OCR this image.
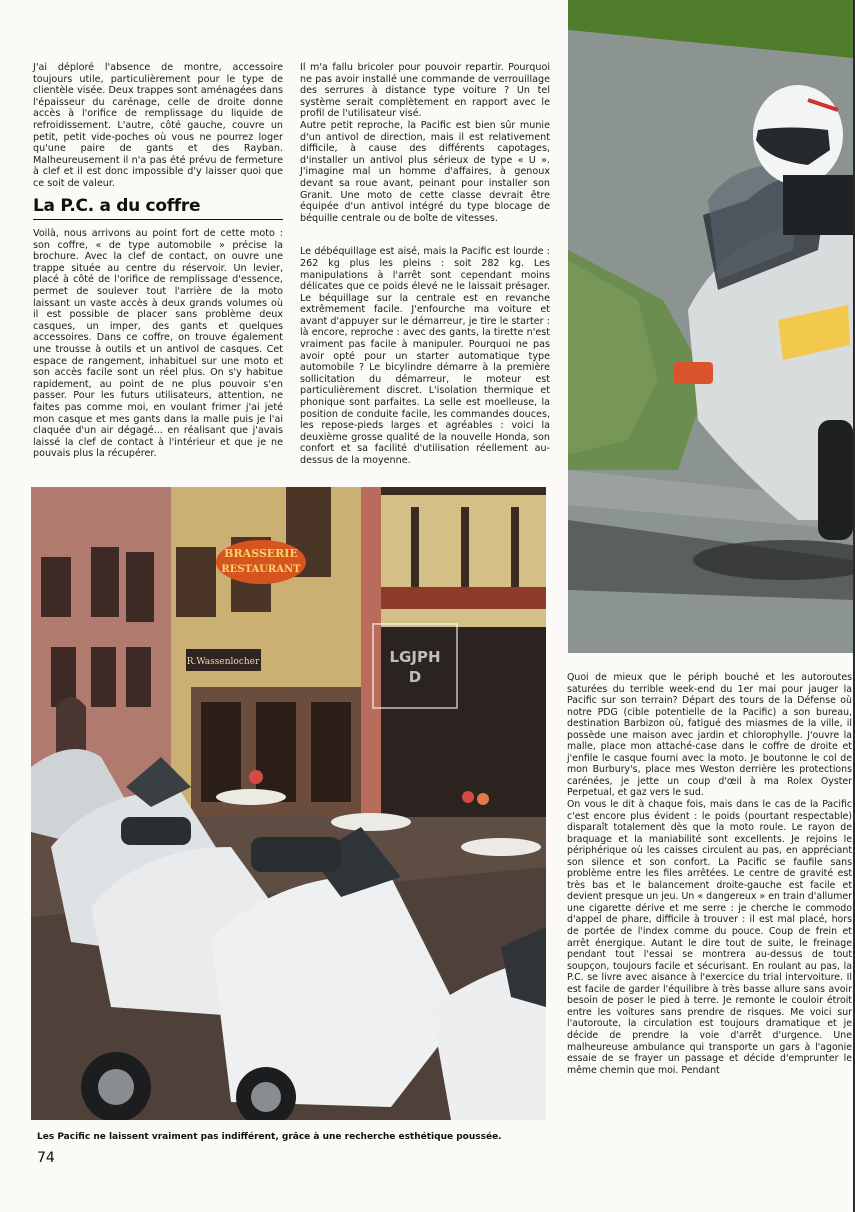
J'ai déploré l'absence de montre, accessoire toujours utile, particulièrement pour le type de clientèle visée. Deux trappes sont aménagées dans l'épaisseur du carénage, celle de droite donne accès à l'orifice de remplissage du liquide de refroidissement. L'autre, côté gauche, couvre un petit, petit vide-poches où vous ne pourrez loger qu'une paire de gants et des Rayban. Malheureusement il n'a pas été prévu de fermeture à clef et il est donc impossible d'y laisser quoi que ce soit de valeur.

La P.C. a du coffre

Voilà, nous arrivons au point fort de cette moto : son coffre, « de type automobile » précise la brochure. Avec la clef de contact, on ouvre une trappe située au centre du réservoir. Un levier, placé à côté de l'orifice de remplissage d'essence, permet de soulever tout l'arrière de la moto laissant un vaste accès à deux grands volumes où il est possible de placer sans problème deux casques, un imper, des gants et quelques accessoires. Dans ce coffre, on trouve également une trousse à outils et un antivol de casques. Cet espace de rangement, inhabituel sur une moto et son accès facile sont un réel plus. On s'y habitue rapidement, au point de ne plus pouvoir s'en passer. Pour les futurs utilisateurs, attention, ne faites pas comme moi, en voulant frimer j'ai jeté mon casque et mes gants dans la malle puis je l'ai claquée d'un air dégagé... en réalisant que j'avais laissé la clef de contact à l'intérieur et que je ne pouvais plus la récupérer.

Il m'a fallu bricoler pour pouvoir repartir. Pourquoi ne pas avoir installé une commande de verrouillage des serrures à distance type voiture ? Un tel système serait complètement en rapport avec le profil de l'utilisateur visé.

Autre petit reproche, la Pacific est bien sûr munie d'un antivol de direction, mais il est relativement difficile, à cause des différents capotages, d'installer un antivol plus sérieux de type « U ». J'imagine mal un homme d'affaires, à genoux devant sa roue avant, peinant pour installer son Granit. Une moto de cette classe devrait être équipée d'un antivol intégré du type blocage de béquille centrale ou de boîte de vitesses.

Le débéquillage est aisé, mais la Pacific est lourde : 262 kg plus les pleins : soit 282 kg. Les manipulations à l'arrêt sont cependant moins délicates que ce poids élevé ne le laissait présager. Le béquillage sur la centrale est en revanche extrêmement facile. J'enfourche ma voiture et avant d'appuyer sur le démarreur, je tire le starter : là encore, reproche : avec des gants, la tirette n'est vraiment pas facile à manipuler. Pourquoi ne pas avoir opté pour un starter automatique type automobile ? Le bicylindre démarre à la première sollicitation du démarreur, le moteur est particulièrement discret. L'isolation thermique et phonique sont parfaites. La selle est moelleuse, la position de conduite facile, les commandes douces, les repose-pieds larges et agréables : voici la deuxième grosse qualité de la nouvelle Honda, son confort et sa facilité d'utilisation réellement au-dessus de la moyenne.

R.Wassenlocher
BRASSERIE
RESTAURANT
LGJPHD	Quoi de mieux que le périph bouché et les autoroutes saturées du terrible week-end du 1er mai pour jauger la Pacific sur son terrain? Départ des tours de la Défense où notre PDG (cible potentielle de la Pacific) a son bureau, destination Barbizon où, fatigué des miasmes de la ville, il possède une maison avec jardin et chlorophylle. J'ouvre la malle, place mon attaché-case dans le coffre de droite et j'enfile le casque fourni avec la moto. Je boutonne le col de mon Burbury's, place mes Weston derrière les protections carénées, je jette un coup d'œil à ma Rolex Oyster Perpetual, et gaz vers le sud.

On vous le dit à chaque fois, mais dans le cas de la Pacific c'est encore plus évident : le poids (pourtant respectable) disparaît totalement dès que la moto roule. Le rayon de braquage et la maniabilité sont excellents. Je rejoins le périphérique où les caisses circulent au pas, en appréciant son silence et son confort. La Pacific se faufile sans problème entre les files arrêtées. Le centre de gravité est très bas et le balancement droite-gauche est facile et devient presque un jeu. Un « dangereux » en train d'allumer une cigarette dérive et me serre : je cherche le commodo d'appel de phare, difficile à trouver : il est mal placé, hors de portée de l'index comme du pouce. Coup de frein et arrêt énergique. Autant le dire tout de suite, le freinage pendant tout l'essai se montrera au-dessus de tout soupçon, toujours facile et sécurisant. En roulant au pas, la P.C. se livre avec aisance à l'exercice du trial intervoiture. Il est facile de garder l'équilibre à très basse allure sans avoir besoin de poser le pied à terre. Je remonte le couloir étroit entre les voitures sans prendre de risques. Me voici sur l'autoroute, la circulation est toujours dramatique et je décide de prendre la voie d'arrêt d'urgence. Une malheureuse ambulance qui transporte un gars à l'agonie essaie de se frayer un passage et décide d'emprunter le même chemin que moi. Pendant

Les Pacific ne laissent vraiment pas indifférent, grâce à une recherche esthétique poussée.
74
